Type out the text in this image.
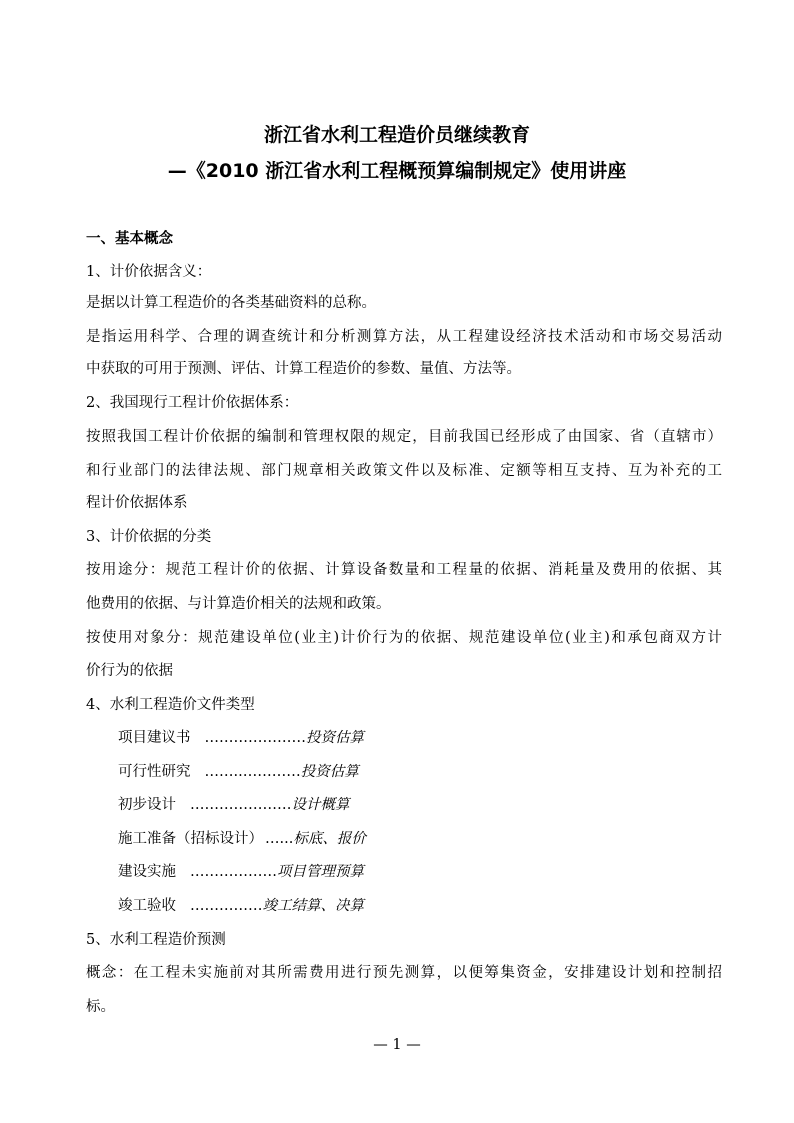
浙江省水利工程造价员继续教育
—《2010 浙江省水利工程概预算编制规定》使用讲座
一、基本概念
1、计价依据含义：
是据以计算工程造价的各类基础资料的总称。
是指运用科学、合理的调查统计和分析测算方法，从工程建设经济技术活动和市场交易活动
中获取的可用于预测、评估、计算工程造价的参数、量值、方法等。
2、我国现行工程计价依据体系：
按照我国工程计价依据的编制和管理权限的规定，目前我国已经形成了由国家、省（直辖市）
和行业部门的法律法规、部门规章相关政策文件以及标准、定额等相互支持、互为补充的工
程计价依据体系
3、计价依据的分类
按用途分：规范工程计价的依据、计算设备数量和工程量的依据、消耗量及费用的依据、其
他费用的依据、与计算造价相关的法规和政策。
按使用对象分：规范建设单位(业主)计价行为的依据、规范建设单位(业主)和承包商双方计
价行为的依据
4、水利工程造价文件类型
项目建议书 …………………投资估算
可行性研究 ……..…………投资估算
初步设计 …………………设计概算
施工准备（招标设计） …...标底、报价
建设实施 ………………项目管理预算
竣工验收 ……………竣工结算、决算
5、水利工程造价预测
概念：在工程未实施前对其所需费用进行预先测算，以便筹集资金，安排建设计划和控制招
标。
— 1 —
